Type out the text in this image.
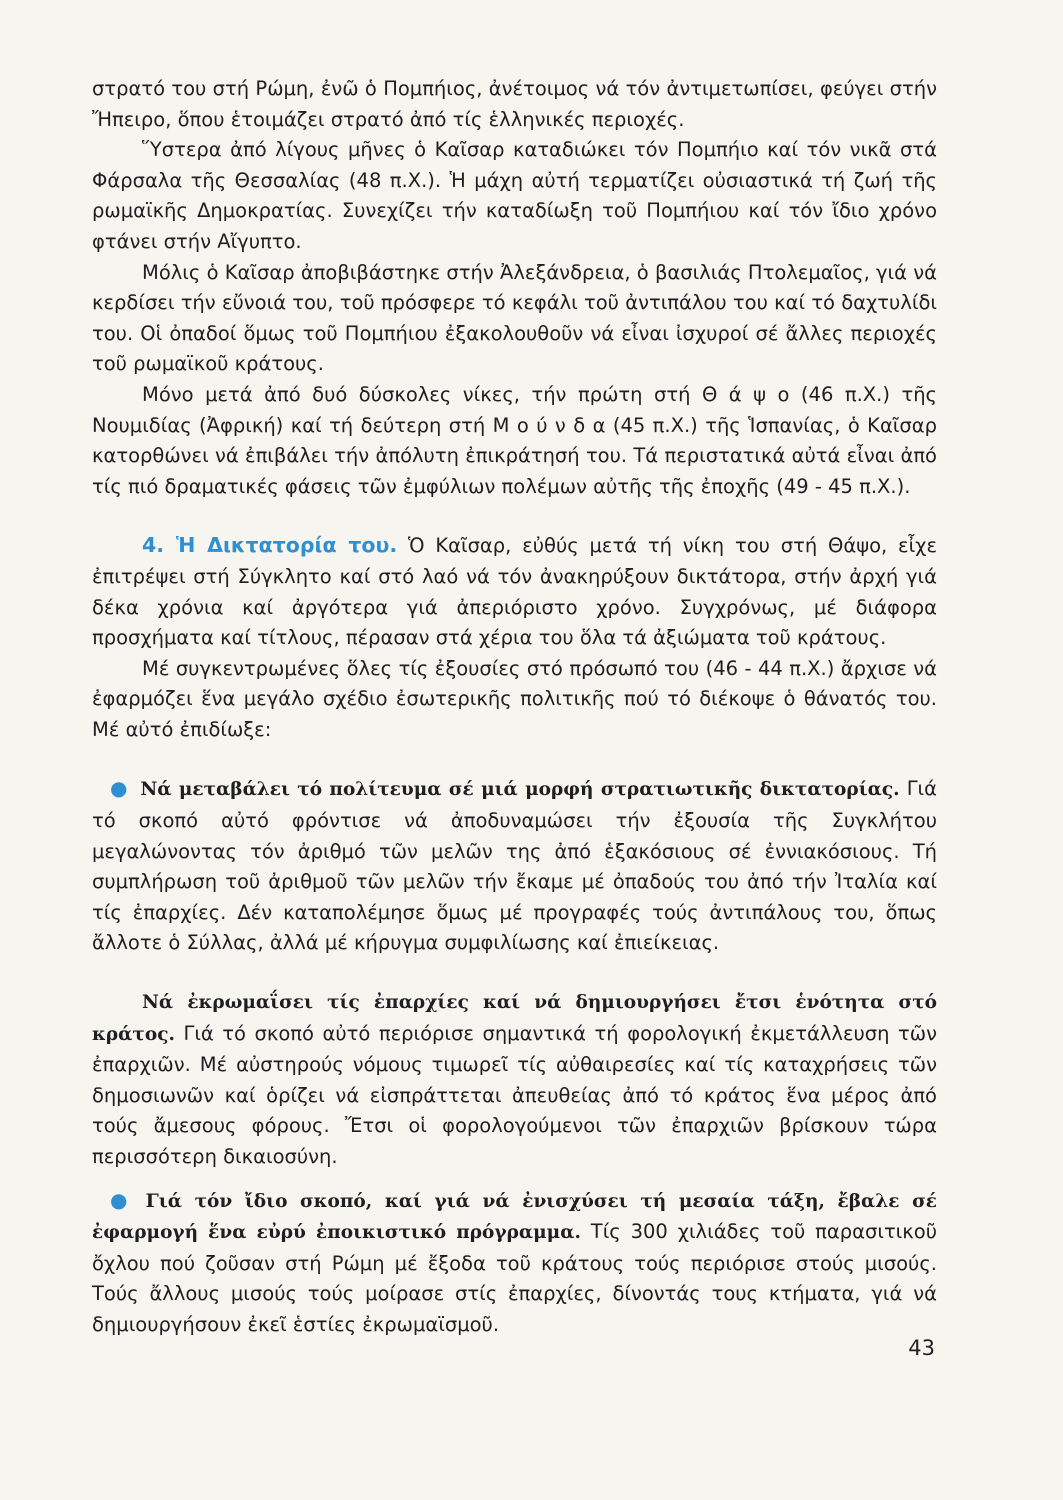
στρατό του στή Ρώμη, ἐνῶ ὁ Πομπήιος, ἀνέτοιμος νά τόν ἀντιμετωπίσει, φεύγει στήν Ἤπειρο, ὅπου ἑτοιμάζει στρατό ἀπό τίς ἑλληνικές περιοχές.

Ὕστερα ἀπό λίγους μῆνες ὁ Καῖσαρ καταδιώκει τόν Πομπήιο καί τόν νικᾶ στά Φάρσαλα τῆς Θεσσαλίας (48 π.Χ.). Ἡ μάχη αὐτή τερματίζει οὐσιαστικά τή ζωή τῆς ρωμαϊκῆς Δημοκρατίας. Συνεχίζει τήν καταδίωξη τοῦ Πομπήιου καί τόν ἴδιο χρόνο φτάνει στήν Αἴγυπτο.

Μόλις ὁ Καῖσαρ ἀποβιβάστηκε στήν Ἀλεξάνδρεια, ὁ βασιλιάς Πτολεμαῖος, γιά νά κερδίσει τήν εὔνοιά του, τοῦ πρόσφερε τό κεφάλι τοῦ ἀντιπάλου του καί τό δαχτυλίδι του. Οἱ ὀπαδοί ὅμως τοῦ Πομπήιου ἐξακολουθοῦν νά εἶναι ἰσχυροί σέ ἄλλες περιοχές τοῦ ρωμαϊκοῦ κράτους.

Μόνο μετά ἀπό δυό δύσκολες νίκες, τήν πρώτη στή Θ ά ψ ο (46 π.Χ.) τῆς Νουμιδίας (Ἀφρική) καί τή δεύτερη στή Μ ο ύ ν δ α (45 π.Χ.) τῆς Ἱσπανίας, ὁ Καῖσαρ κατορθώνει νά ἐπιβάλει τήν ἀπόλυτη ἐπικράτησή του. Τά περιστατικά αὐτά εἶναι ἀπό τίς πιό δραματικές φάσεις τῶν ἐμφύλιων πολέμων αὐτῆς τῆς ἐποχῆς (49 - 45 π.Χ.).

4. Ἡ Δικτατορία του. Ὁ Καῖσαρ, εὐθύς μετά τή νίκη του στή Θάψο, εἶχε ἐπιτρέψει στή Σύγκλητο καί στό λαό νά τόν ἀνακηρύξουν δικτάτορα, στήν ἀρχή γιά δέκα χρόνια καί ἀργότερα γιά ἀπεριόριστο χρόνο. Συγχρόνως, μέ διάφορα προσχήματα καί τίτλους, πέρασαν στά χέρια του ὅλα τά ἀξιώματα τοῦ κράτους.

Μέ συγκεντρωμένες ὅλες τίς ἐξουσίες στό πρόσωπό του (46 - 44 π.Χ.) ἄρχισε νά ἐφαρμόζει ἕνα μεγάλο σχέδιο ἐσωτερικῆς πολιτικῆς πού τό διέκοψε ὁ θάνατός του. Μέ αὐτό ἐπιδίωξε:

● Νά μεταβάλει τό πολίτευμα σέ μιά μορφή στρατιωτικῆς δικτατορίας. Γιά τό σκοπό αὐτό φρόντισε νά ἀποδυναμώσει τήν ἐξουσία τῆς Συγκλήτου μεγαλώνοντας τόν ἀριθμό τῶν μελῶν της ἀπό ἑξακόσιους σέ ἐννιακόσιους. Τή συμπλήρωση τοῦ ἀριθμοῦ τῶν μελῶν τήν ἔκαμε μέ ὀπαδούς του ἀπό τήν Ἰταλία καί τίς ἐπαρχίες. Δέν καταπολέμησε ὅμως μέ προγραφές τούς ἀντιπάλους του, ὅπως ἄλλοτε ὁ Σύλλας, ἀλλά μέ κήρυγμα συμφιλίωσης καί ἐπιείκειας.

Νά ἐκρωμαΐσει τίς ἐπαρχίες καί νά δημιουργήσει ἔτσι ἑνότητα στό κράτος. Γιά τό σκοπό αὐτό περιόρισε σημαντικά τή φορολογική ἐκμετάλλευση τῶν ἐπαρχιῶν. Μέ αὐστηρούς νόμους τιμωρεῖ τίς αὐθαιρεσίες καί τίς καταχρήσεις τῶν δημοσιωνῶν καί ὁρίζει νά εἰσπράττεται ἀπευθείας ἀπό τό κράτος ἕνα μέρος ἀπό τούς ἄμεσους φόρους. Ἔτσι οἱ φορολογούμενοι τῶν ἐπαρχιῶν βρίσκουν τώρα περισσότερη δικαιοσύνη.

● Γιά τόν ἴδιο σκοπό, καί γιά νά ἐνισχύσει τή μεσαία τάξη, ἔβαλε σέ ἐφαρμογή ἕνα εὐρύ ἐποικιστικό πρόγραμμα. Τίς 300 χιλιάδες τοῦ παρασιτικοῦ ὄχλου πού ζοῦσαν στή Ρώμη μέ ἔξοδα τοῦ κράτους τούς περιόρισε στούς μισούς. Τούς ἄλλους μισούς τούς μοίρασε στίς ἐπαρχίες, δίνοντάς τους κτήματα, γιά νά δημιουργήσουν ἐκεῖ ἑστίες ἐκρωμαϊσμοῦ.

43
